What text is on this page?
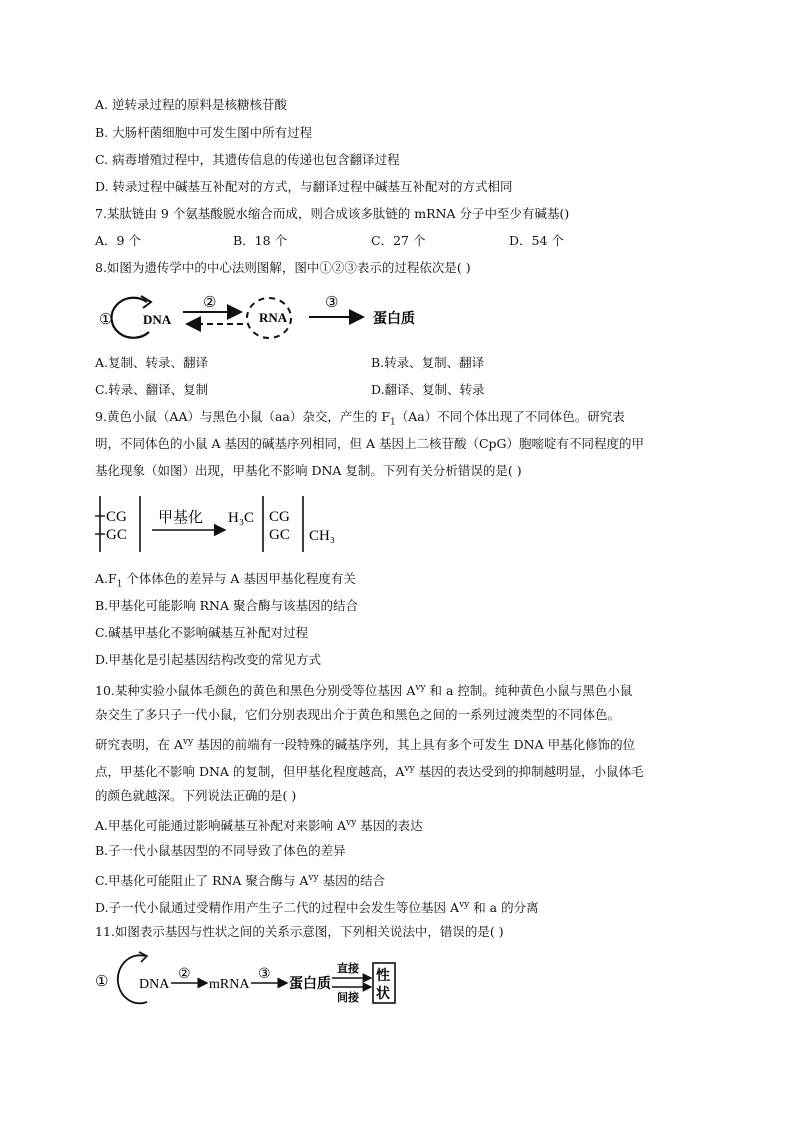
A. 逆转录过程的原料是核糖核苷酸
B. 大肠杆菌细胞中可发生图中所有过程
C. 病毒增殖过程中，其遗传信息的传递也包含翻译过程
D. 转录过程中碱基互补配对的方式，与翻译过程中碱基互补配对的方式相同
7.某肽链由 9 个氨基酸脱水缩合而成，则合成该多肽链的 mRNA 分子中至少有碱基()
A．9 个	B．18 个	C．27 个	D．54 个
8.如图为遗传学中的中心法则图解，图中①②③表示的过程依次是( )
① DNA
②
RNA
③
蛋白质
A.复制、转录、翻译	B.转录、复制、翻译
C.转录、翻译、复制	D.翻译、复制、转录
9.黄色小鼠（AA）与黑色小鼠（aa）杂交，产生的 $F_1(Aa)$不同个体出现了不同体色。研究表
明，不同体色的小鼠 A 基因的碱基序列相同，但 A 基因上二核苷酸（CpG）胞嘧啶有不同程度的甲
基化现象（如图）出现，甲基化不影响 DNA 复制。下列有关分析错误的是( )
CG
GC
甲基化 H₃C CG
GC CH₃
$A.F_1$ 个体体色的差异与 A 基因甲基化程度有关
B.甲基化可能影响 RNA 聚合酶与该基因的结合
C.碱基甲基化不影响碱基互补配对过程
D.甲基化是引起基因结构改变的常见方式
10.某种实验小鼠体毛颜色的黄色和黑色分别受等位基因 $A^{vy}$ 和 a 控制。纯种黄色小鼠与黑色小鼠
杂交生了多只子一代小鼠，它们分别表现出介于黄色和黑色之间的一系列过渡类型的不同体色。
研究表明，在 $A^{vy}$ 基因的前端有一段特殊的碱基序列，其上具有多个可发生 DNA 甲基化修饰的位
点，甲基化不影响 DNA 的复制，但甲基化程度越高，$A^{vy}$ 基因的表达受到的抑制越明显，小鼠体毛
的颜色就越深。下列说法正确的是( )
A.甲基化可能通过影响碱基互补配对来影响 $A^{vy}$ 基因的表达
B.子一代小鼠基因型的不同导致了体色的差异
C.甲基化可能阻止了 RNA 聚合酶与 $A^{vy}$ 基因的结合
D.子一代小鼠通过受精作用产生子二代的过程中会发生等位基因 $A^{vy}$ 和 a 的分离
11.如图表示基因与性状之间的关系示意图，下列相关说法中，错误的是( )
① DNA
②
mRNA
③
蛋白质
直接
间接
性
状
